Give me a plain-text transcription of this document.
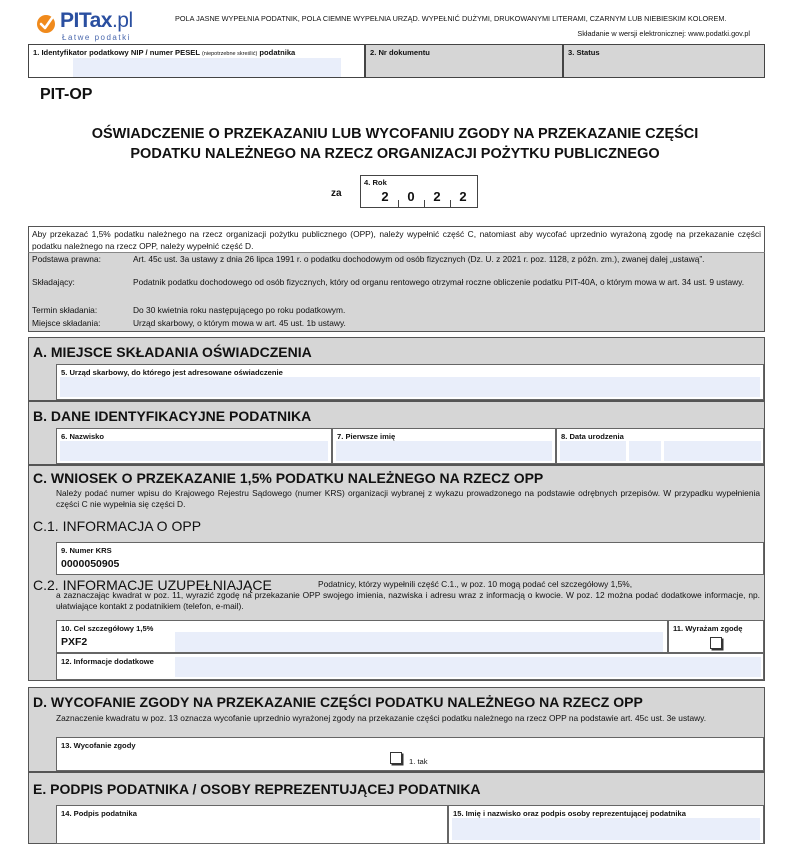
PITax.pl
Łatwe podatki
POLA JASNE WYPEŁNIA PODATNIK, POLA CIEMNE WYPEŁNIA URZĄD. WYPEŁNIĆ DUŻYMI, DRUKOWANYMI LITERAMI, CZARNYM LUB NIEBIESKIM KOLOREM.
Składanie w wersji elektronicznej: www.podatki.gov.pl
1. Identyfikator podatkowy NIP / numer PESEL (niepotrzebne skreślić) podatnika	2. Nr dokumentu	3. Status
PIT-OP
OŚWIADCZENIE O PRZEKAZANIU LUB WYCOFANIU ZGODY NA PRZEKAZANIE CZĘŚCI
PODATKU NALEŻNEGO NA RZECZ ORGANIZACJI POŻYTKU PUBLICZNEGO
za
4. Rok
2 0 2 2
Aby przekazać 1,5% podatku należnego na rzecz organizacji pożytku publicznego (OPP), należy wypełnić część C, natomiast aby wycofać uprzednio wyrażoną zgodę na przekazanie części podatku należnego na rzecz OPP, należy wypełnić część D.
Podstawa prawna:	Art. 45c ust. 3a ustawy z dnia 26 lipca 1991 r. o podatku dochodowym od osób fizycznych (Dz. U. z 2021 r. poz. 1128, z późn. zm.), zwanej dalej „ustawą”.
Składający:	Podatnik podatku dochodowego od osób fizycznych, który od organu rentowego otrzymał roczne obliczenie podatku PIT-40A, o którym mowa w art. 34 ust. 9 ustawy.
Termin składania:	Do 30 kwietnia roku następującego po roku podatkowym.
Miejsce składania:	Urząd skarbowy, o którym mowa w art. 45 ust. 1b ustawy.
A. MIEJSCE SKŁADANIA OŚWIADCZENIA
5. Urząd skarbowy, do którego jest adresowane oświadczenie
B. DANE IDENTYFIKACYJNE PODATNIKA
6. Nazwisko	7. Pierwsze imię	8. Data urodzenia
C. WNIOSEK O PRZEKAZANIE 1,5% PODATKU NALEŻNEGO NA RZECZ OPP
Należy podać numer wpisu do Krajowego Rejestru Sądowego (numer KRS) organizacji wybranej z wykazu prowadzonego na podstawie odrębnych przepisów. W przypadku wypełnienia części C nie wypełnia się części D.
C.1. INFORMACJA O OPP
9. Numer KRS
0000050905
C.2. INFORMACJE UZUPEŁNIAJĄCE	Podatnicy, którzy wypełnili część C.1., w poz. 10 mogą podać cel szczegółowy 1,5%,
a zaznaczając kwadrat w poz. 11, wyrazić zgodę na przekazanie OPP swojego imienia, nazwiska i adresu wraz z informacją o kwocie. W poz. 12 można podać dodatkowe informacje, np. ułatwiające kontakt z podatnikiem (telefon, e-mail).
10. Cel szczegółowy 1,5%
PXF2
11. Wyrażam zgodę
12. Informacje dodatkowe
D. WYCOFANIE ZGODY NA PRZEKAZANIE CZĘŚCI PODATKU NALEŻNEGO NA RZECZ OPP
Zaznaczenie kwadratu w poz. 13 oznacza wycofanie uprzednio wyrażonej zgody na przekazanie części podatku należnego na rzecz OPP na podstawie art. 45c ust. 3e ustawy.
13. Wycofanie zgody
1. tak
E. PODPIS PODATNIKA / OSOBY REPREZENTUJĄCEJ PODATNIKA
14. Podpis podatnika	15. Imię i nazwisko oraz podpis osoby reprezentującej podatnika
